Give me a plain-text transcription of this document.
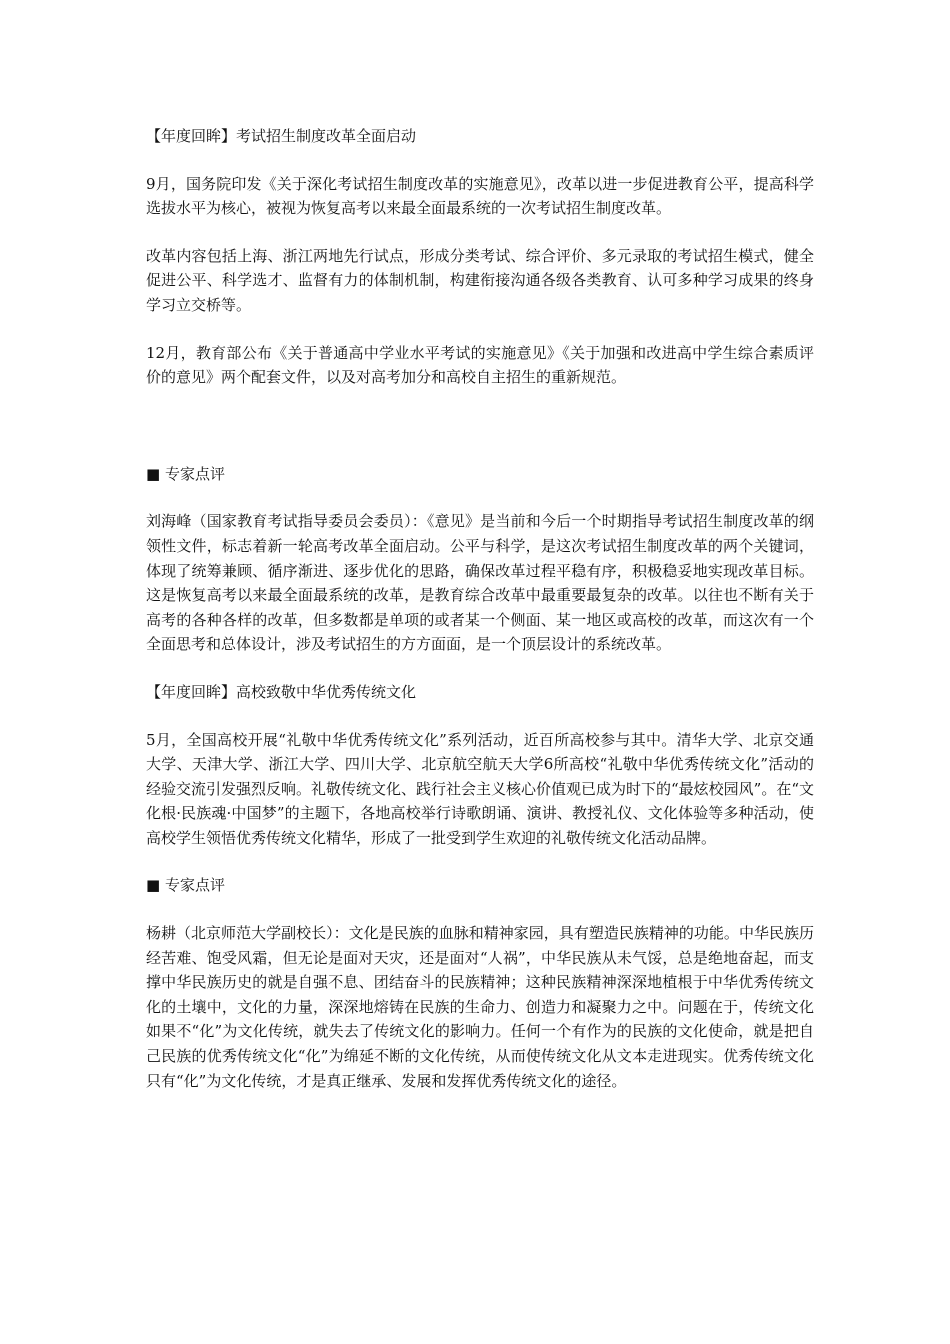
【年度回眸】考试招生制度改革全面启动

9月，国务院印发《关于深化考试招生制度改革的实施意见》，改革以进一步促进教育公平，提高科学选拔水平为核心，被视为恢复高考以来最全面最系统的一次考试招生制度改革。

改革内容包括上海、浙江两地先行试点，形成分类考试、综合评价、多元录取的考试招生模式，健全促进公平、科学选才、监督有力的体制机制，构建衔接沟通各级各类教育、认可多种学习成果的终身学习立交桥等。

12月，教育部公布《关于普通高中学业水平考试的实施意见》《关于加强和改进高中学生综合素质评价的意见》两个配套文件，以及对高考加分和高校自主招生的重新规范。

■ 专家点评

刘海峰（国家教育考试指导委员会委员）：《意见》是当前和今后一个时期指导考试招生制度改革的纲领性文件，标志着新一轮高考改革全面启动。公平与科学，是这次考试招生制度改革的两个关键词，体现了统筹兼顾、循序渐进、逐步优化的思路，确保改革过程平稳有序，积极稳妥地实现改革目标。这是恢复高考以来最全面最系统的改革，是教育综合改革中最重要最复杂的改革。以往也不断有关于高考的各种各样的改革，但多数都是单项的或者某一个侧面、某一地区或高校的改革，而这次有一个全面思考和总体设计，涉及考试招生的方方面面，是一个顶层设计的系统改革。

【年度回眸】高校致敬中华优秀传统文化

5月，全国高校开展“礼敬中华优秀传统文化”系列活动，近百所高校参与其中。清华大学、北京交通大学、天津大学、浙江大学、四川大学、北京航空航天大学6所高校“礼敬中华优秀传统文化”活动的经验交流引发强烈反响。礼敬传统文化、践行社会主义核心价值观已成为时下的“最炫校园风”。在“文化根·民族魂·中国梦”的主题下，各地高校举行诗歌朗诵、演讲、教授礼仪、文化体验等多种活动，使高校学生领悟优秀传统文化精华，形成了一批受到学生欢迎的礼敬传统文化活动品牌。

■ 专家点评

杨耕（北京师范大学副校长）：文化是民族的血脉和精神家园，具有塑造民族精神的功能。中华民族历经苦难、饱受风霜，但无论是面对天灾，还是面对“人祸”，中华民族从未气馁，总是绝地奋起，而支撑中华民族历史的就是自强不息、团结奋斗的民族精神；这种民族精神深深地植根于中华优秀传统文化的土壤中，文化的力量，深深地熔铸在民族的生命力、创造力和凝聚力之中。问题在于，传统文化如果不“化”为文化传统，就失去了传统文化的影响力。任何一个有作为的民族的文化使命，就是把自己民族的优秀传统文化“化”为绵延不断的文化传统，从而使传统文化从文本走进现实。优秀传统文化只有“化”为文化传统，才是真正继承、发展和发挥优秀传统文化的途径。
